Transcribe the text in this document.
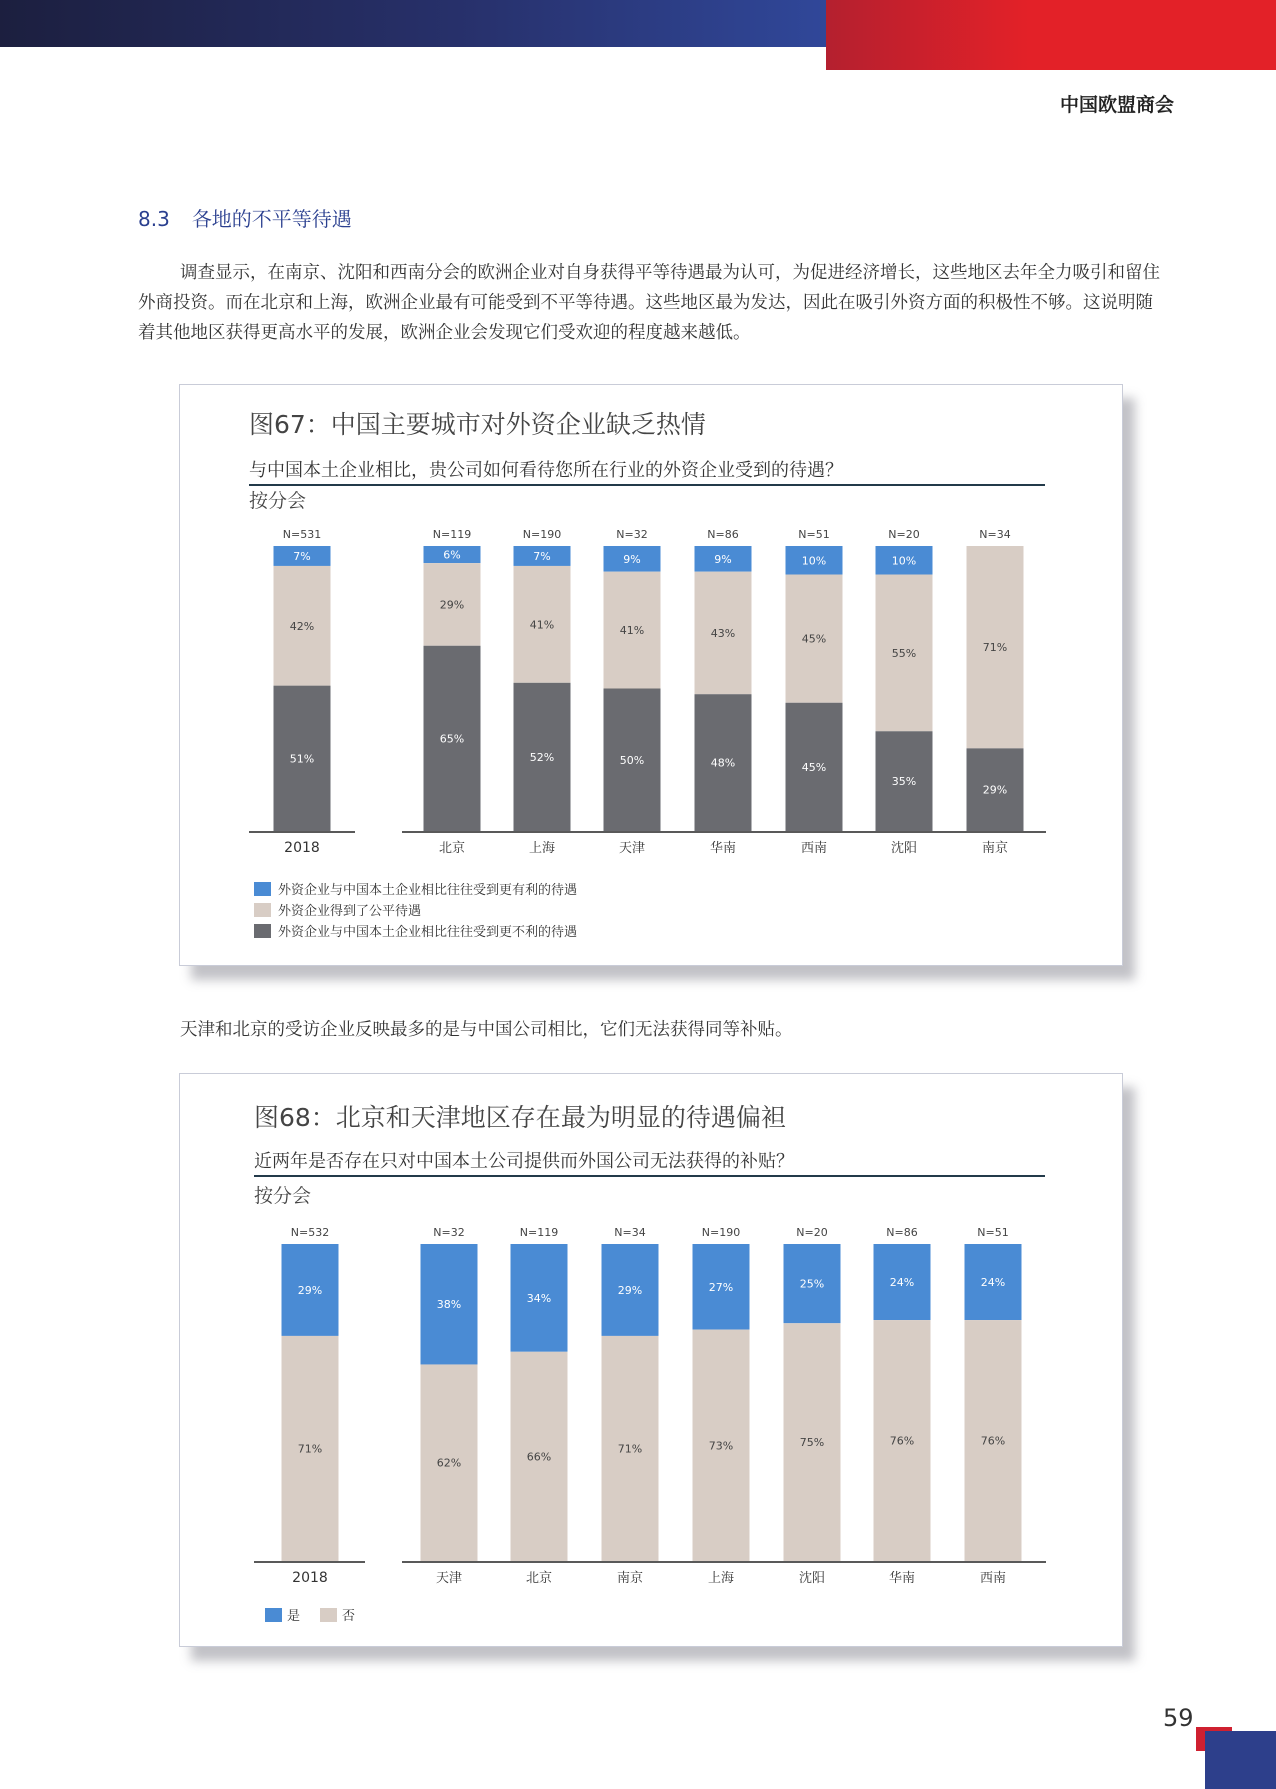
中国欧盟商会
8.3 各地的不平等待遇
调查显示，在南京、沈阳和西南分会的欧洲企业对自身获得平等待遇最为认可，为促进经济增长，这些地区去年全力吸引和留住外商投资。而在北京和上海，欧洲企业最有可能受到不平等待遇。这些地区最为发达，因此在吸引外资方面的积极性不够。这说明随着其他地区获得更高水平的发展，欧洲企业会发现它们受欢迎的程度越来越低。
图67：中国主要城市对外资企业缺乏热情
与中国本土企业相比，贵公司如何看待您所在行业的外资企业受到的待遇？
按分会
N=531
7%
42%
51%
2018
N=119
6%
29%
65%
北京
N=190
7%
41%
52%
上海
N=32
9%
41%
50%
天津
N=86
9%
43%
48%
华南
N=51
10%
45%
45%
西南
N=20
10%
55%
35%
沈阳
N=34
71%
29%
南京
外资企业与中国本土企业相比往往受到更有利的待遇
外资企业得到了公平待遇
外资企业与中国本土企业相比往往受到更不利的待遇
天津和北京的受访企业反映最多的是与中国公司相比，它们无法获得同等补贴。
图68：北京和天津地区存在最为明显的待遇偏袒
近两年是否存在只对中国本土公司提供而外国公司无法获得的补贴？
按分会
N=532
29%
71%
2018
N=32
38%
62%
天津
N=119
34%
66%
北京
N=34
29%
71%
南京
N=190
27%
73%
上海
N=20
25%
75%
沈阳
N=86
24%
76%
华南
N=51
24%
76%
西南
是	否
59
